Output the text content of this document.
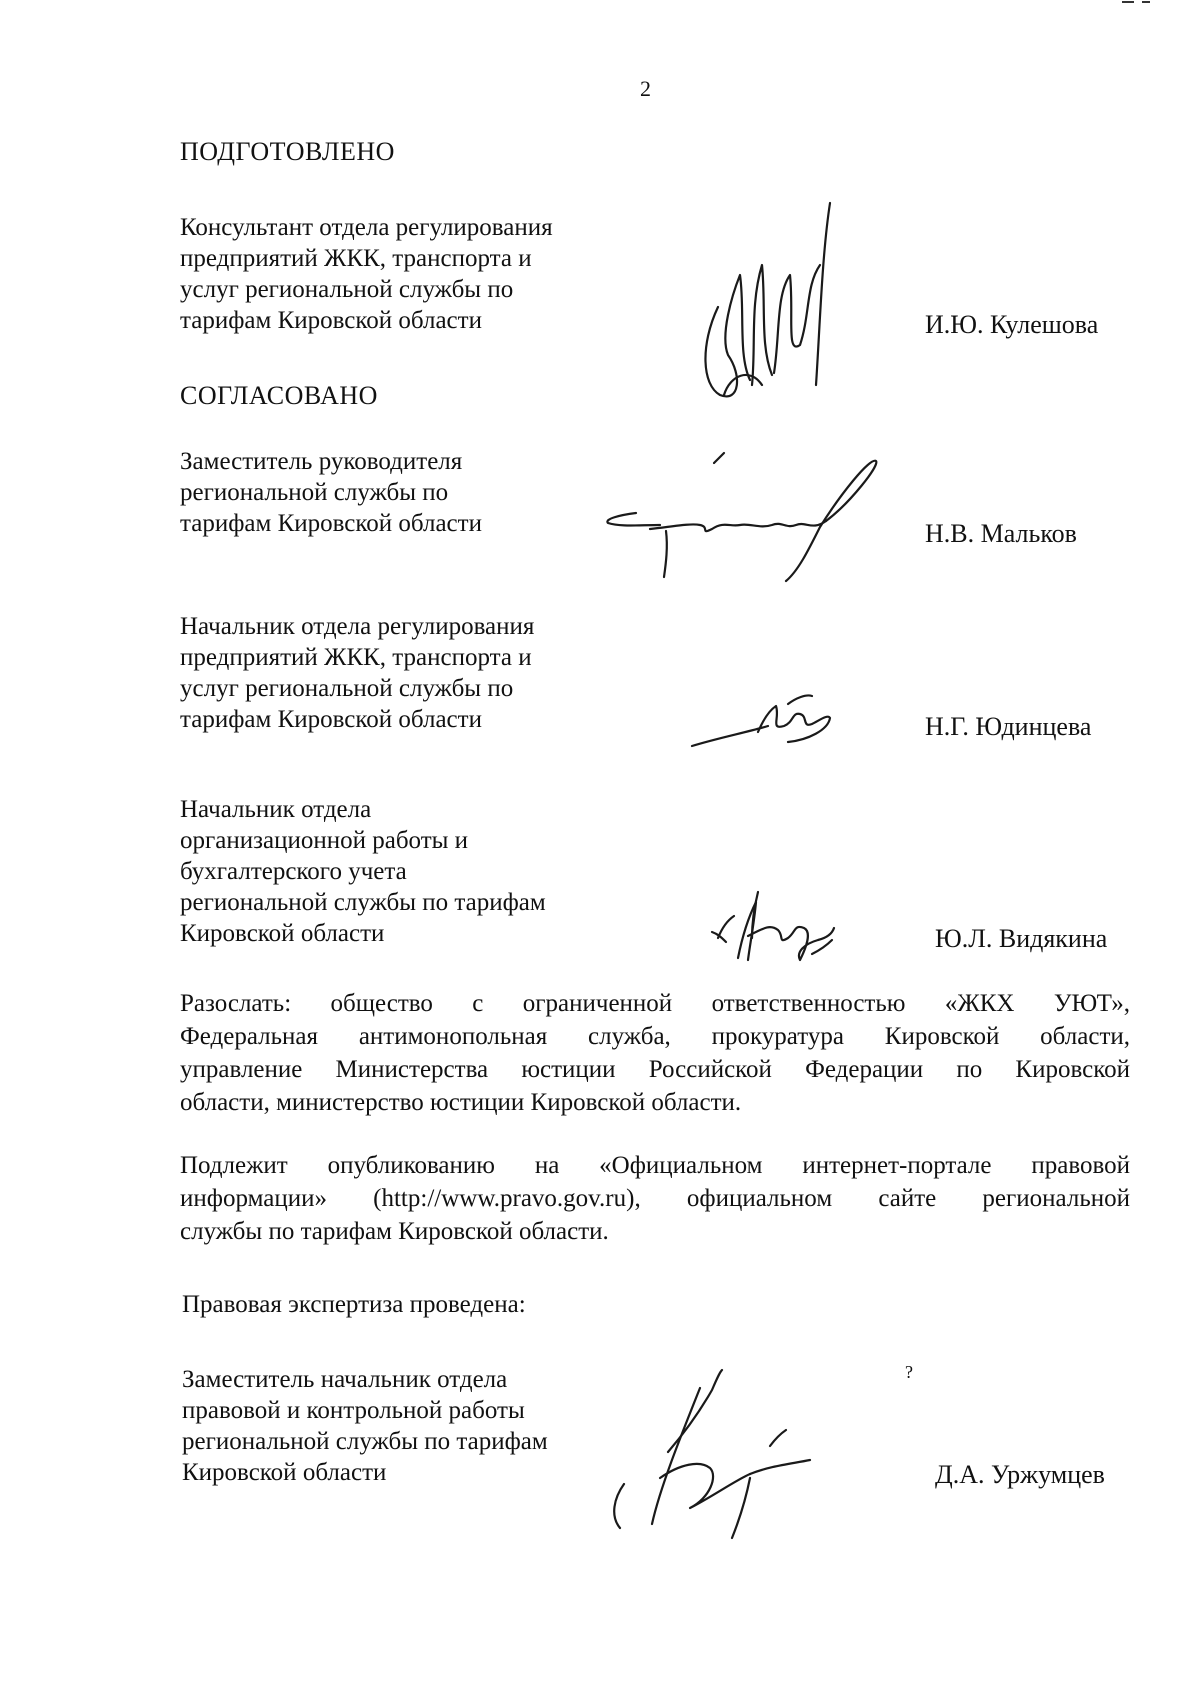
2
ПОДГОТОВЛЕНО
Консультант отдела регулирования
предприятий ЖКК, транспорта и
услуг региональной службы по
тарифам Кировской области	И.Ю. Кулешова
СОГЛАСОВАНО
Заместитель руководителя
региональной службы по
тарифам Кировской области	Н.В. Мальков
Начальник отдела регулирования
предприятий ЖКК, транспорта и
услуг региональной службы по
тарифам Кировской области	Н.Г. Юдинцева
Начальник отдела
организационной работы и
бухгалтерского учета
региональной службы по тарифам
Кировской области	Ю.Л. Видякина
Разослать: общество с ограниченной ответственностью «ЖКХ УЮТ»,
Федеральная антимонопольная служба, прокуратура Кировской области,
управление Министерства юстиции Российской Федерации по Кировской
области, министерство юстиции Кировской области.
Подлежит опубликованию на «Официальном интернет-портале правовой
информации» (http://www.pravo.gov.ru), официальном сайте региональной
службы по тарифам Кировской области.
Правовая экспертиза проведена:
Заместитель начальник отдела
правовой и контрольной работы
региональной службы по тарифам
Кировской области
?
Д.А. Уржумцев
